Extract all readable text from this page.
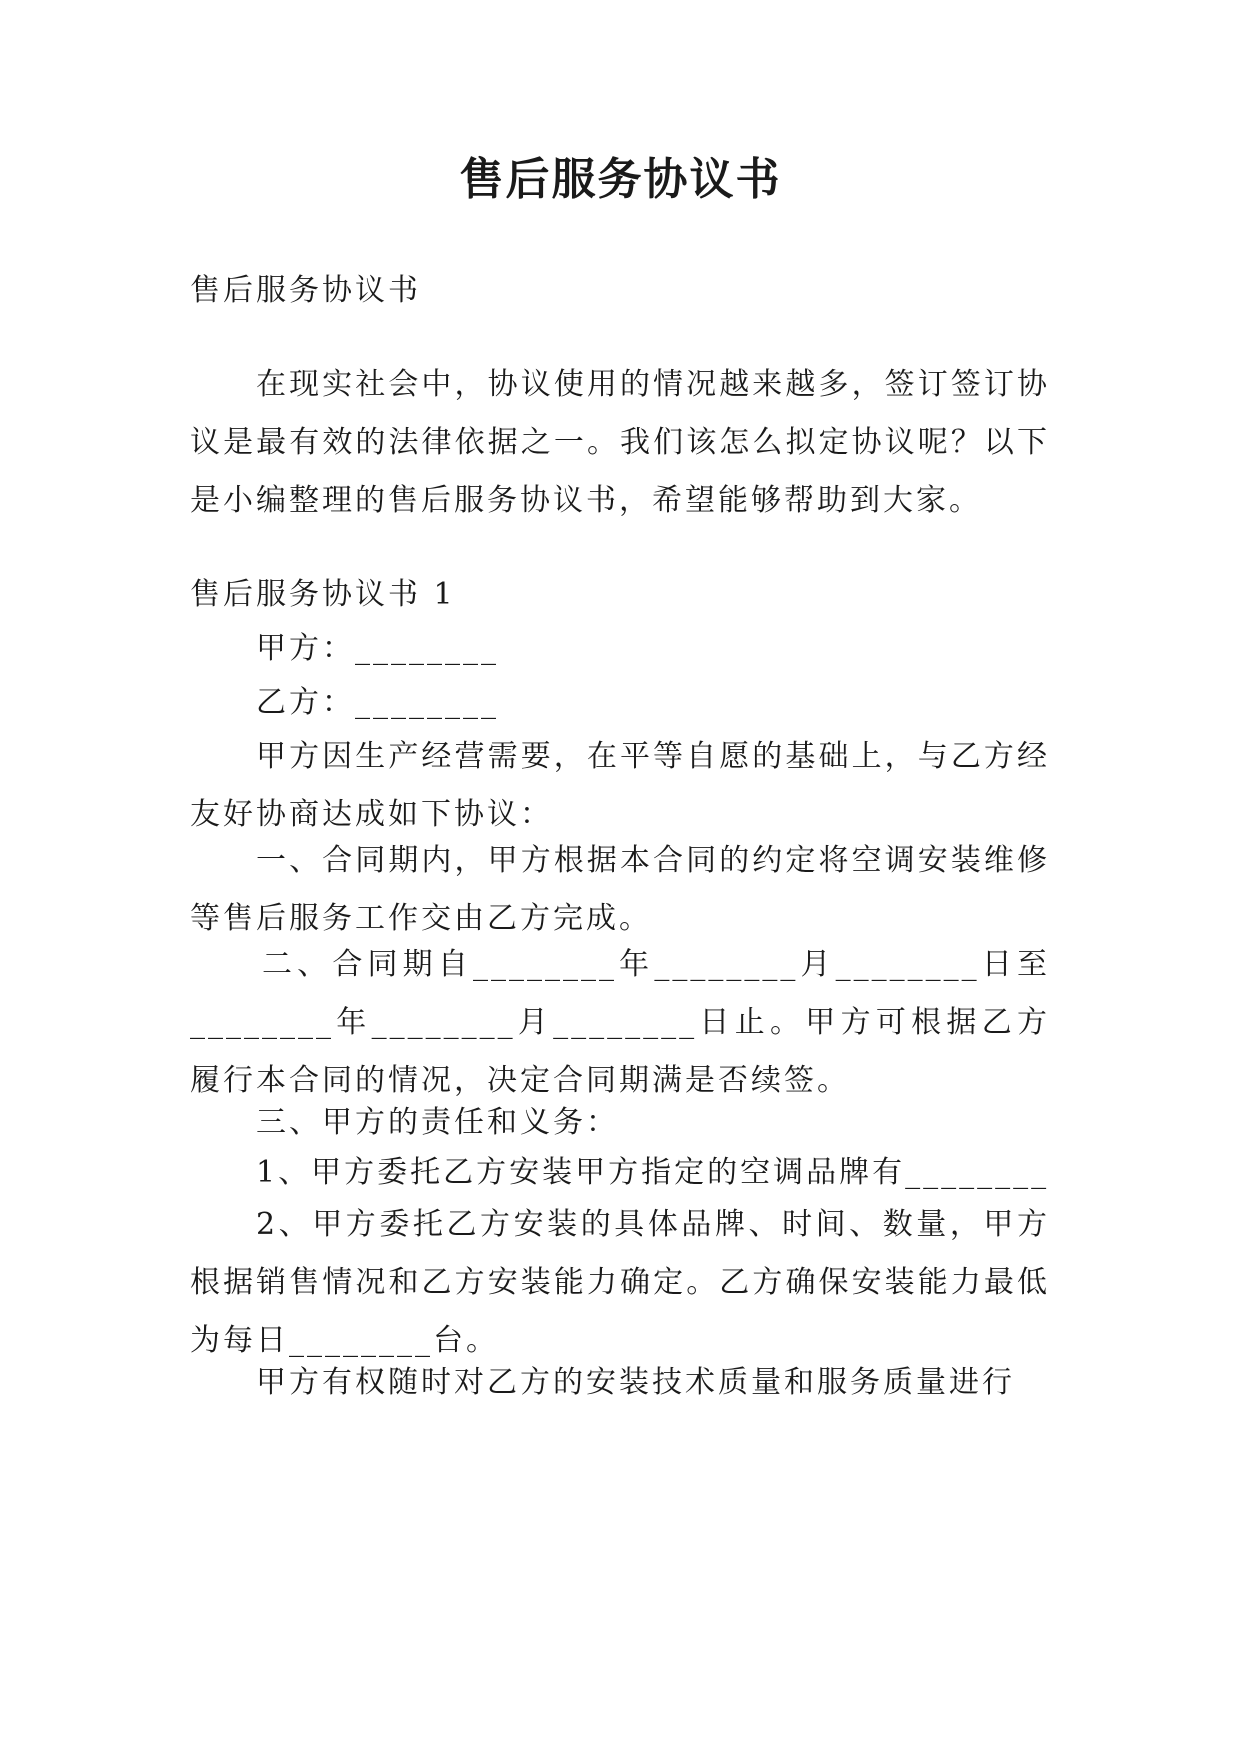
售后服务协议书
售后服务协议书
在现实社会中，协议使用的情况越来越多，签订签订协议是最有效的法律依据之一。我们该怎么拟定协议呢？以下是小编整理的售后服务协议书，希望能够帮助到大家。
售后服务协议书 1
甲方：________
乙方：________
甲方因生产经营需要，在平等自愿的基础上，与乙方经友好协商达成如下协议：
一、合同期内，甲方根据本合同的约定将空调安装维修等售后服务工作交由乙方完成。
二、合同期自________年________月________日至________年________月________日止。甲方可根据乙方履行本合同的情况，决定合同期满是否续签。
三、甲方的责任和义务：
1、甲方委托乙方安装甲方指定的空调品牌有________
2、甲方委托乙方安装的具体品牌、时间、数量，甲方根据销售情况和乙方安装能力确定。乙方确保安装能力最低为每日________台。
甲方有权随时对乙方的安装技术质量和服务质量进行
